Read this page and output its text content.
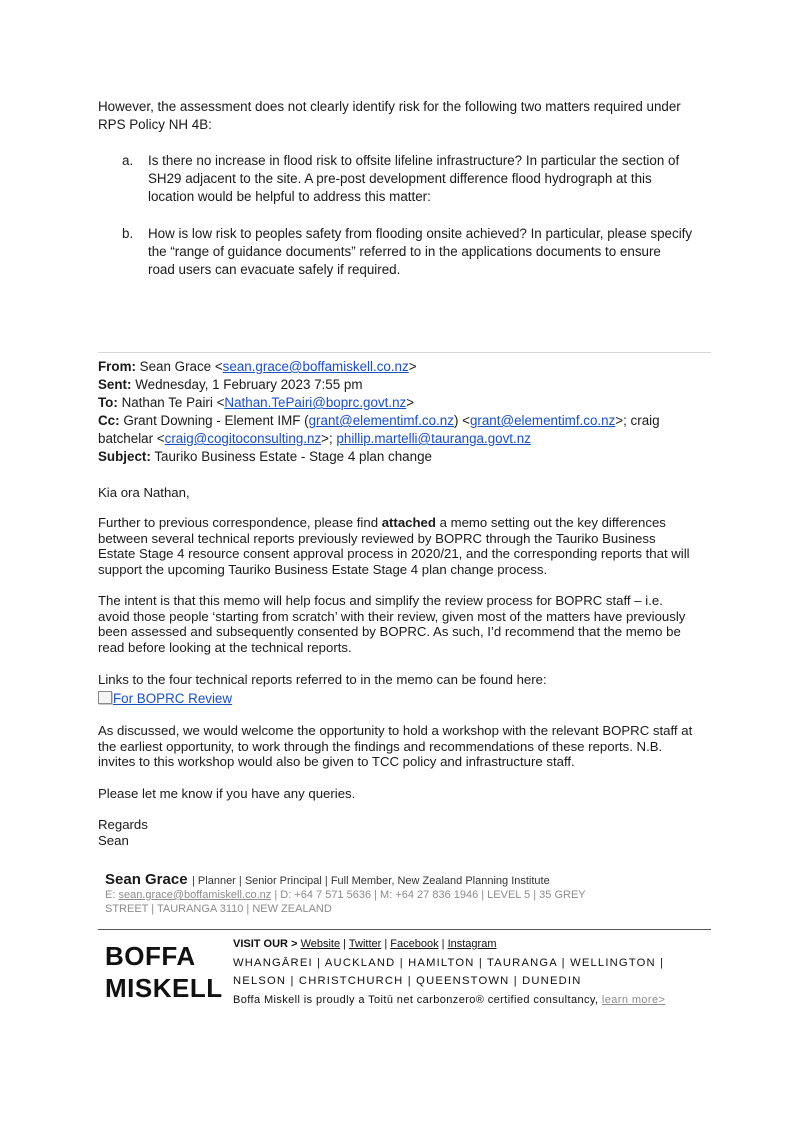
However, the assessment does not clearly identify risk for the following two matters required under
RPS Policy NH 4B:
a. Is there no increase in flood risk to offsite lifeline infrastructure? In particular the section of
SH29 adjacent to the site. A pre-post development difference flood hydrograph at this
location would be helpful to address this matter:
b. How is low risk to peoples safety from flooding onsite achieved? In particular, please specify
the “range of guidance documents” referred to in the applications documents to ensure
road users can evacuate safely if required.
From: Sean Grace <sean.grace@boffamiskell.co.nz>
Sent: Wednesday, 1 February 2023 7:55 pm
To: Nathan Te Pairi <Nathan.TePairi@boprc.govt.nz>
Cc: Grant Downing - Element IMF (grant@elementimf.co.nz) <grant@elementimf.co.nz>; craig
batchelar <craig@cogitoconsulting.nz>; phillip.martelli@tauranga.govt.nz
Subject: Tauriko Business Estate - Stage 4 plan change
Kia ora Nathan,
Further to previous correspondence, please find attached a memo setting out the key differences
between several technical reports previously reviewed by BOPRC through the Tauriko Business
Estate Stage 4 resource consent approval process in 2020/21, and the corresponding reports that will
support the upcoming Tauriko Business Estate Stage 4 plan change process.
The intent is that this memo will help focus and simplify the review process for BOPRC staff – i.e.
avoid those people ‘starting from scratch’ with their review, given most of the matters have previously
been assessed and subsequently consented by BOPRC. As such, I’d recommend that the memo be
read before looking at the technical reports.
Links to the four technical reports referred to in the memo can be found here:
For BOPRC Review
As discussed, we would welcome the opportunity to hold a workshop with the relevant BOPRC staff at
the earliest opportunity, to work through the findings and recommendations of these reports. N.B.
invites to this workshop would also be given to TCC policy and infrastructure staff.
Please let me know if you have any queries.
Regards
Sean
Sean Grace | Planner | Senior Principal | Full Member, New Zealand Planning Institute
E: sean.grace@boffamiskell.co.nz | D: +64 7 571 5636 | M: +64 27 836 1946 | LEVEL 5 | 35 GREY
STREET | TAURANGA 3110 | NEW ZEALAND
BOFFA
MISKELL
VISIT OUR > Website | Twitter | Facebook | Instagram
WHANGĀREI | AUCKLAND | HAMILTON | TAURANGA | WELLINGTON |
NELSON | CHRISTCHURCH | QUEENSTOWN | DUNEDIN
Boffa Miskell is proudly a Toitū net carbonzero® certified consultancy, learn more>
